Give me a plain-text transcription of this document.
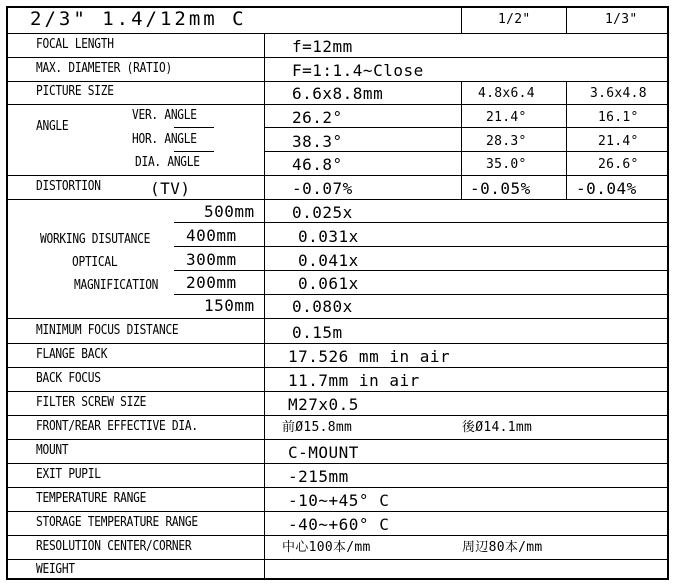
2/3" 1.4/12mm C	1/2"	1/3"
FOCAL LENGTH	f=12mm
MAX. DIAMETER (RATIO)	F=1:1.4~Close
PICTURE SIZE	6.6x8.8mm	4.8x6.4	3.6x4.8
ANGLE
VER. ANGLE	26.2°	21.4°	16.1°
HOR. ANGLE	38.3°	28.3°	21.4°
DIA. ANGLE	46.8°	35.0°	26.6°
DISTORTION	(TV)	-0.07%	-0.05%	-0.04%
WORKING DISUTANCE
OPTICAL
MAGNIFICATION
500mm 0.025x
400mm	0.031x
300mm	0.041x
200mm	0.061x
150mm 0.080x
MINIMUM FOCUS DISTANCE	0.15m
FLANGE BACK	17.526 mm in air
BACK FOCUS	11.7mm in air
FILTER SCREW SIZE	M27x0.5
FRONT/REAR EFFECTIVE DIA.	前Ø15.8mm	後Ø14.1mm
MOUNT	C-MOUNT
EXIT PUPIL	-215mm
TEMPERATURE RANGE	-10~+45° C
STORAGE TEMPERATURE RANGE	-40~+60° C
RESOLUTION CENTER/CORNER	中心100本/mm	周辺80本/mm
WEIGHT
